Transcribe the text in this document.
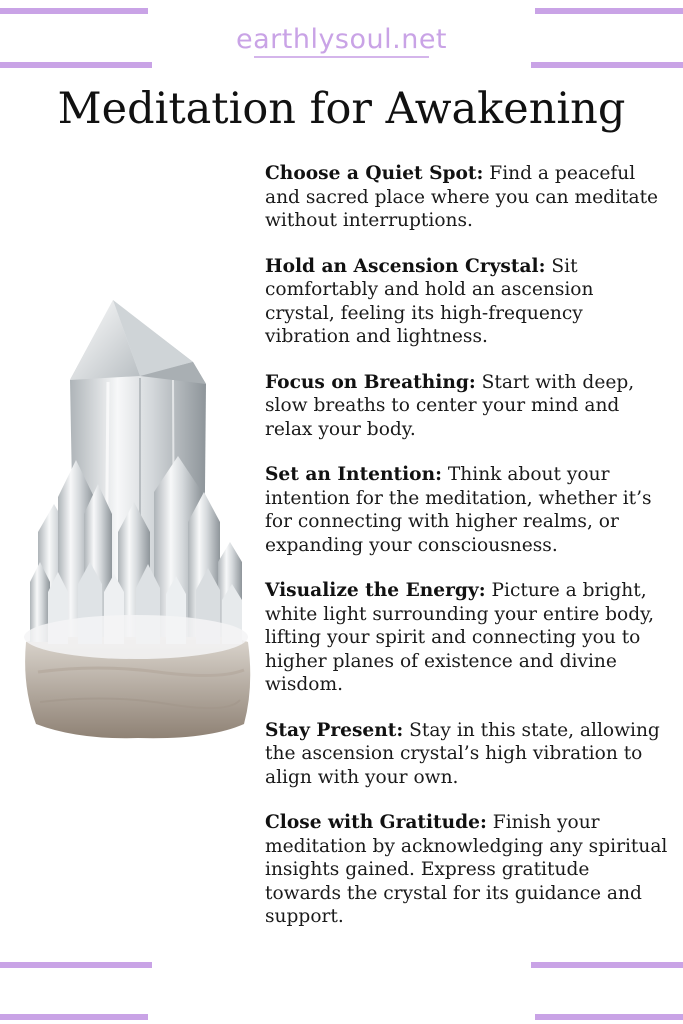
earthlysoul.net
Meditation for Awakening

Choose a Quiet Spot: Find a peaceful and sacred place where you can meditate without interruptions.

Hold an Ascension Crystal: Sit comfortably and hold an ascension crystal, feeling its high-frequency vibration and lightness.

Focus on Breathing: Start with deep, slow breaths to center your mind and relax your body.

Set an Intention: Think about your intention for the meditation, whether it’s for connecting with higher realms, or expanding your consciousness.

Visualize the Energy: Picture a bright, white light surrounding your entire body, lifting your spirit and connecting you to higher planes of existence and divine wisdom.

Stay Present: Stay in this state, allowing the ascension crystal’s high vibration to align with your own.

Close with Gratitude: Finish your meditation by acknowledging any spiritual insights gained. Express gratitude towards the crystal for its guidance and support.
